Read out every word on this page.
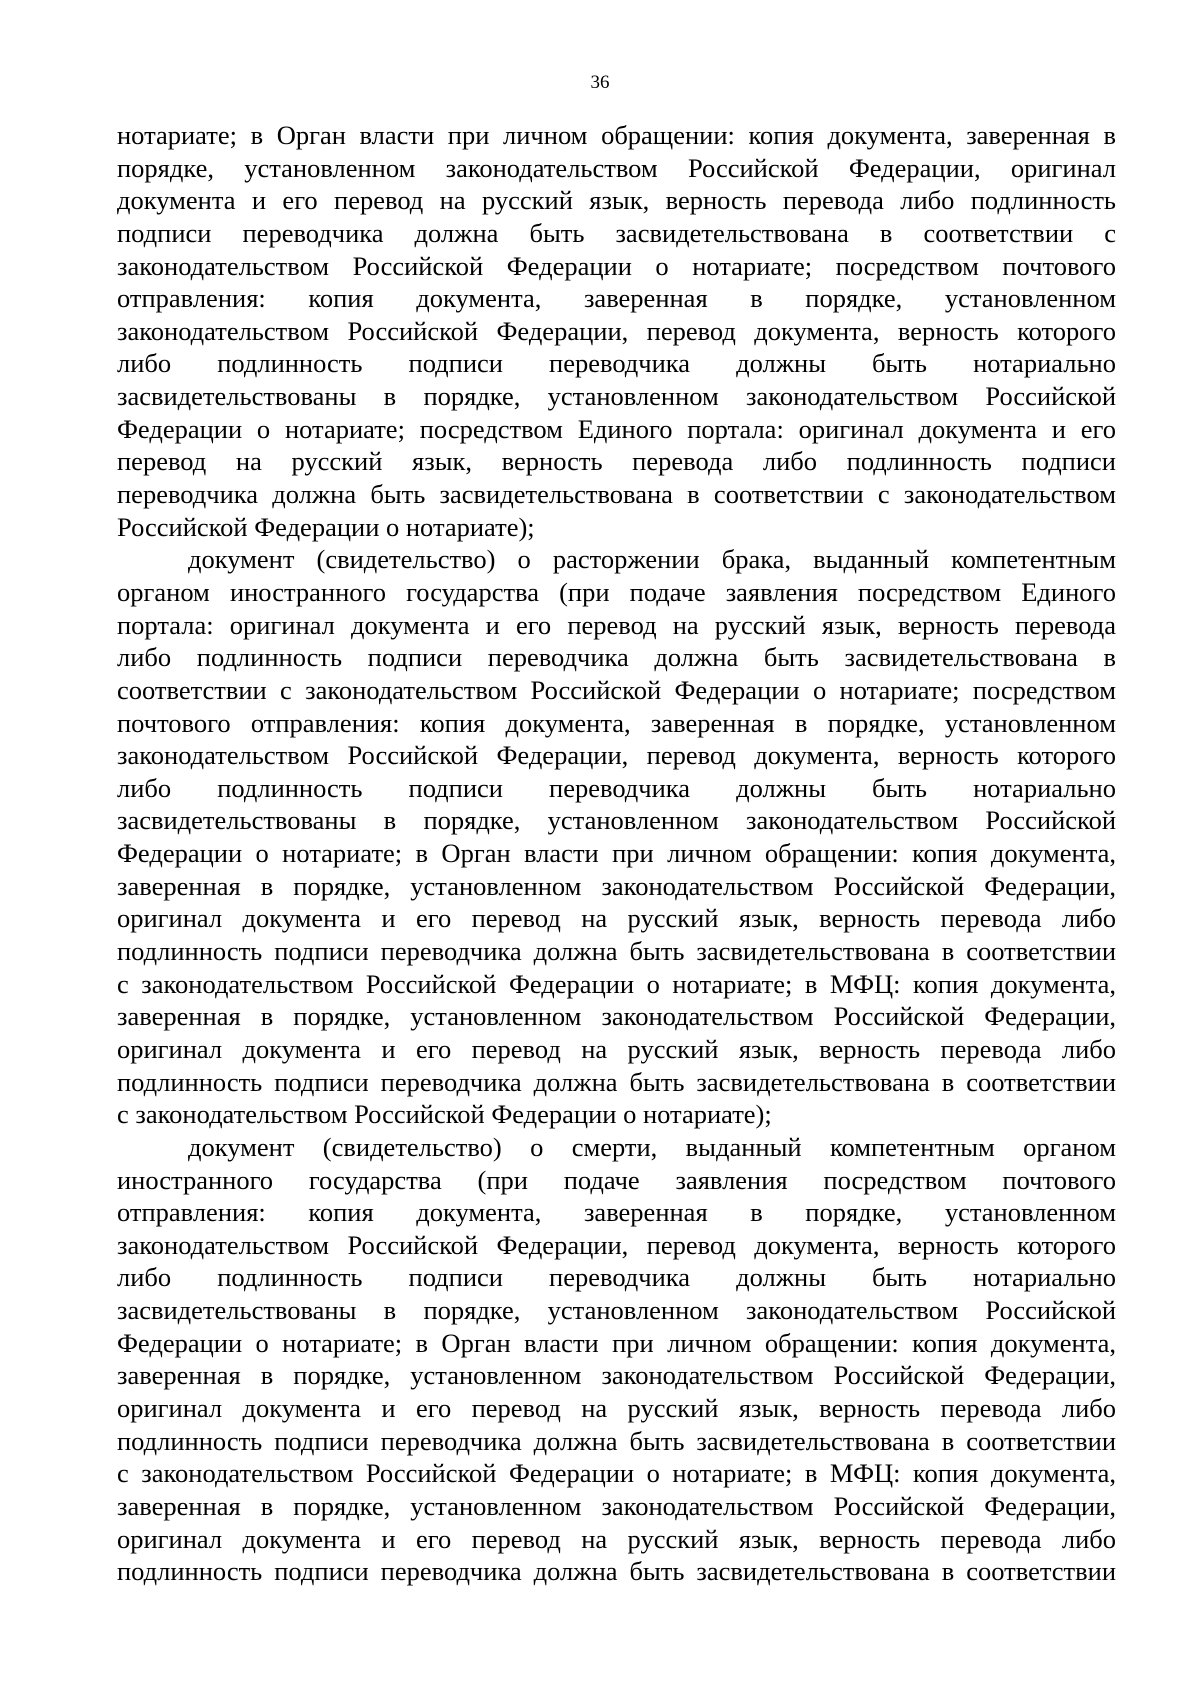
36
нотариате; в Орган власти при личном обращении: копия документа, заверенная в
порядке, установленном законодательством Российской Федерации, оригинал
документа и его перевод на русский язык, верность перевода либо подлинность
подписи переводчика должна быть засвидетельствована в соответствии с
законодательством Российской Федерации о нотариате; посредством почтового
отправления: копия документа, заверенная в порядке, установленном
законодательством Российской Федерации, перевод документа, верность которого
либо подлинность подписи переводчика должны быть нотариально
засвидетельствованы в порядке, установленном законодательством Российской
Федерации о нотариате; посредством Единого портала: оригинал документа и его
перевод на русский язык, верность перевода либо подлинность подписи
переводчика должна быть засвидетельствована в соответствии с законодательством
Российской Федерации о нотариате);
документ (свидетельство) о расторжении брака, выданный компетентным
органом иностранного государства (при подаче заявления посредством Единого
портала: оригинал документа и его перевод на русский язык, верность перевода
либо подлинность подписи переводчика должна быть засвидетельствована в
соответствии с законодательством Российской Федерации о нотариате; посредством
почтового отправления: копия документа, заверенная в порядке, установленном
законодательством Российской Федерации, перевод документа, верность которого
либо подлинность подписи переводчика должны быть нотариально
засвидетельствованы в порядке, установленном законодательством Российской
Федерации о нотариате; в Орган власти при личном обращении: копия документа,
заверенная в порядке, установленном законодательством Российской Федерации,
оригинал документа и его перевод на русский язык, верность перевода либо
подлинность подписи переводчика должна быть засвидетельствована в соответствии
с законодательством Российской Федерации о нотариате; в МФЦ: копия документа,
заверенная в порядке, установленном законодательством Российской Федерации,
оригинал документа и его перевод на русский язык, верность перевода либо
подлинность подписи переводчика должна быть засвидетельствована в соответствии
с законодательством Российской Федерации о нотариате);
документ (свидетельство) о смерти, выданный компетентным органом
иностранного государства (при подаче заявления посредством почтового
отправления: копия документа, заверенная в порядке, установленном
законодательством Российской Федерации, перевод документа, верность которого
либо подлинность подписи переводчика должны быть нотариально
засвидетельствованы в порядке, установленном законодательством Российской
Федерации о нотариате; в Орган власти при личном обращении: копия документа,
заверенная в порядке, установленном законодательством Российской Федерации,
оригинал документа и его перевод на русский язык, верность перевода либо
подлинность подписи переводчика должна быть засвидетельствована в соответствии
с законодательством Российской Федерации о нотариате; в МФЦ: копия документа,
заверенная в порядке, установленном законодательством Российской Федерации,
оригинал документа и его перевод на русский язык, верность перевода либо
подлинность подписи переводчика должна быть засвидетельствована в соответствии
